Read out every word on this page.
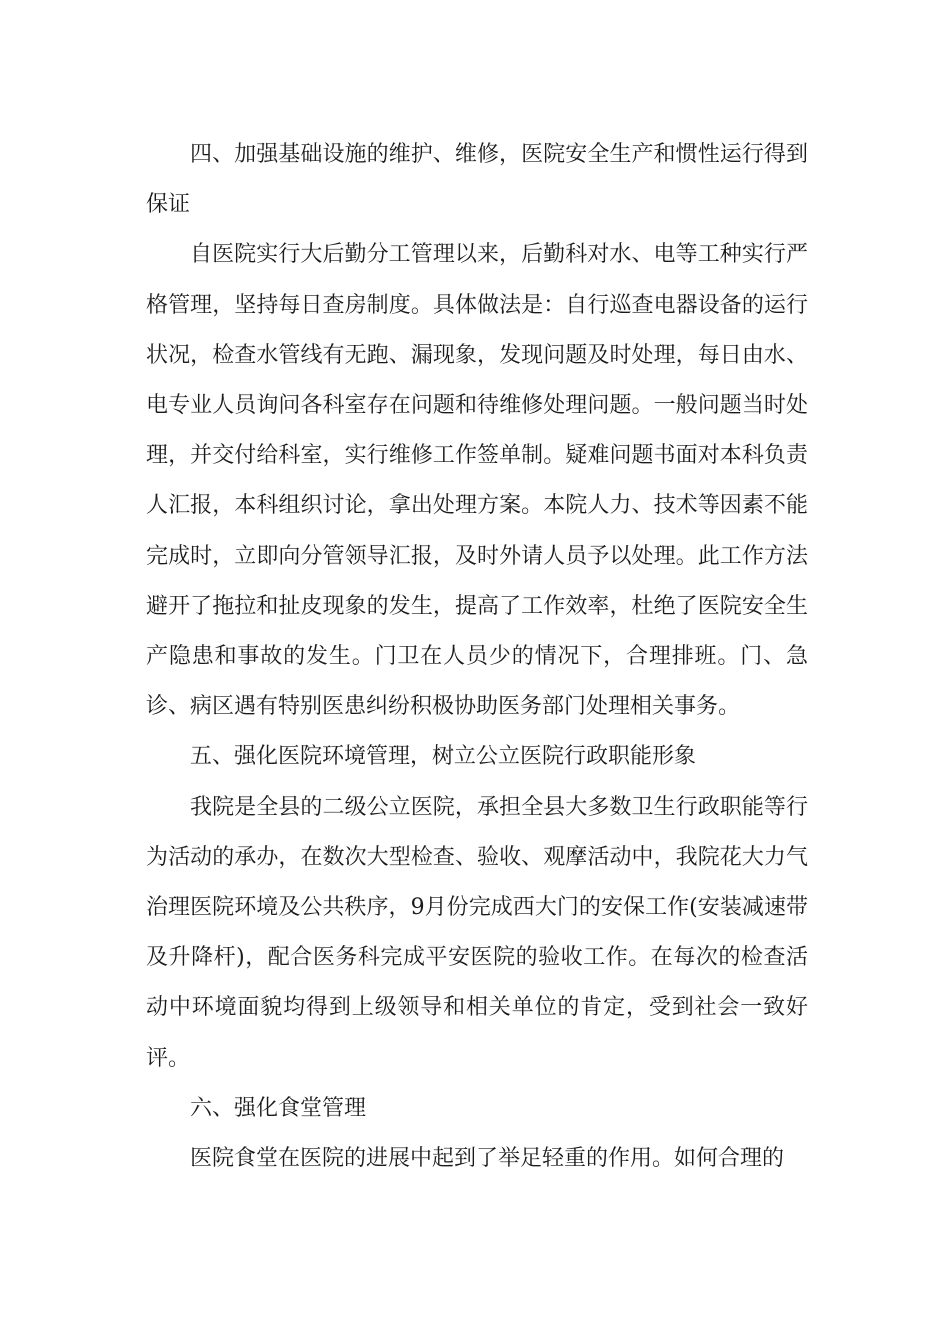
四、加强基础设施的维护、维修，医院安全生产和惯性运行得到保证

自医院实行大后勤分工管理以来，后勤科对水、电等工种实行严格管理，坚持每日查房制度。具体做法是：自行巡查电器设备的运行状况，检查水管线有无跑、漏现象，发现问题及时处理，每日由水、电专业人员询问各科室存在问题和待维修处理问题。一般问题当时处理，并交付给科室，实行维修工作签单制。疑难问题书面对本科负责人汇报，本科组织讨论，拿出处理方案。本院人力、技术等因素不能完成时，立即向分管领导汇报，及时外请人员予以处理。此工作方法避开了拖拉和扯皮现象的发生，提高了工作效率，杜绝了医院安全生产隐患和事故的发生。门卫在人员少的情况下，合理排班。门、急诊、病区遇有特别医患纠纷积极协助医务部门处理相关事务。

五、强化医院环境管理，树立公立医院行政职能形象

我院是全县的二级公立医院，承担全县大多数卫生行政职能等行为活动的承办，在数次大型检查、验收、观摩活动中，我院花大力气治理医院环境及公共秩序，9月份完成西大门的安保工作(安装减速带及升降杆)，配合医务科完成平安医院的验收工作。在每次的检查活动中环境面貌均得到上级领导和相关单位的肯定，受到社会一致好评。

六、强化食堂管理

医院食堂在医院的进展中起到了举足轻重的作用。如何合理的
